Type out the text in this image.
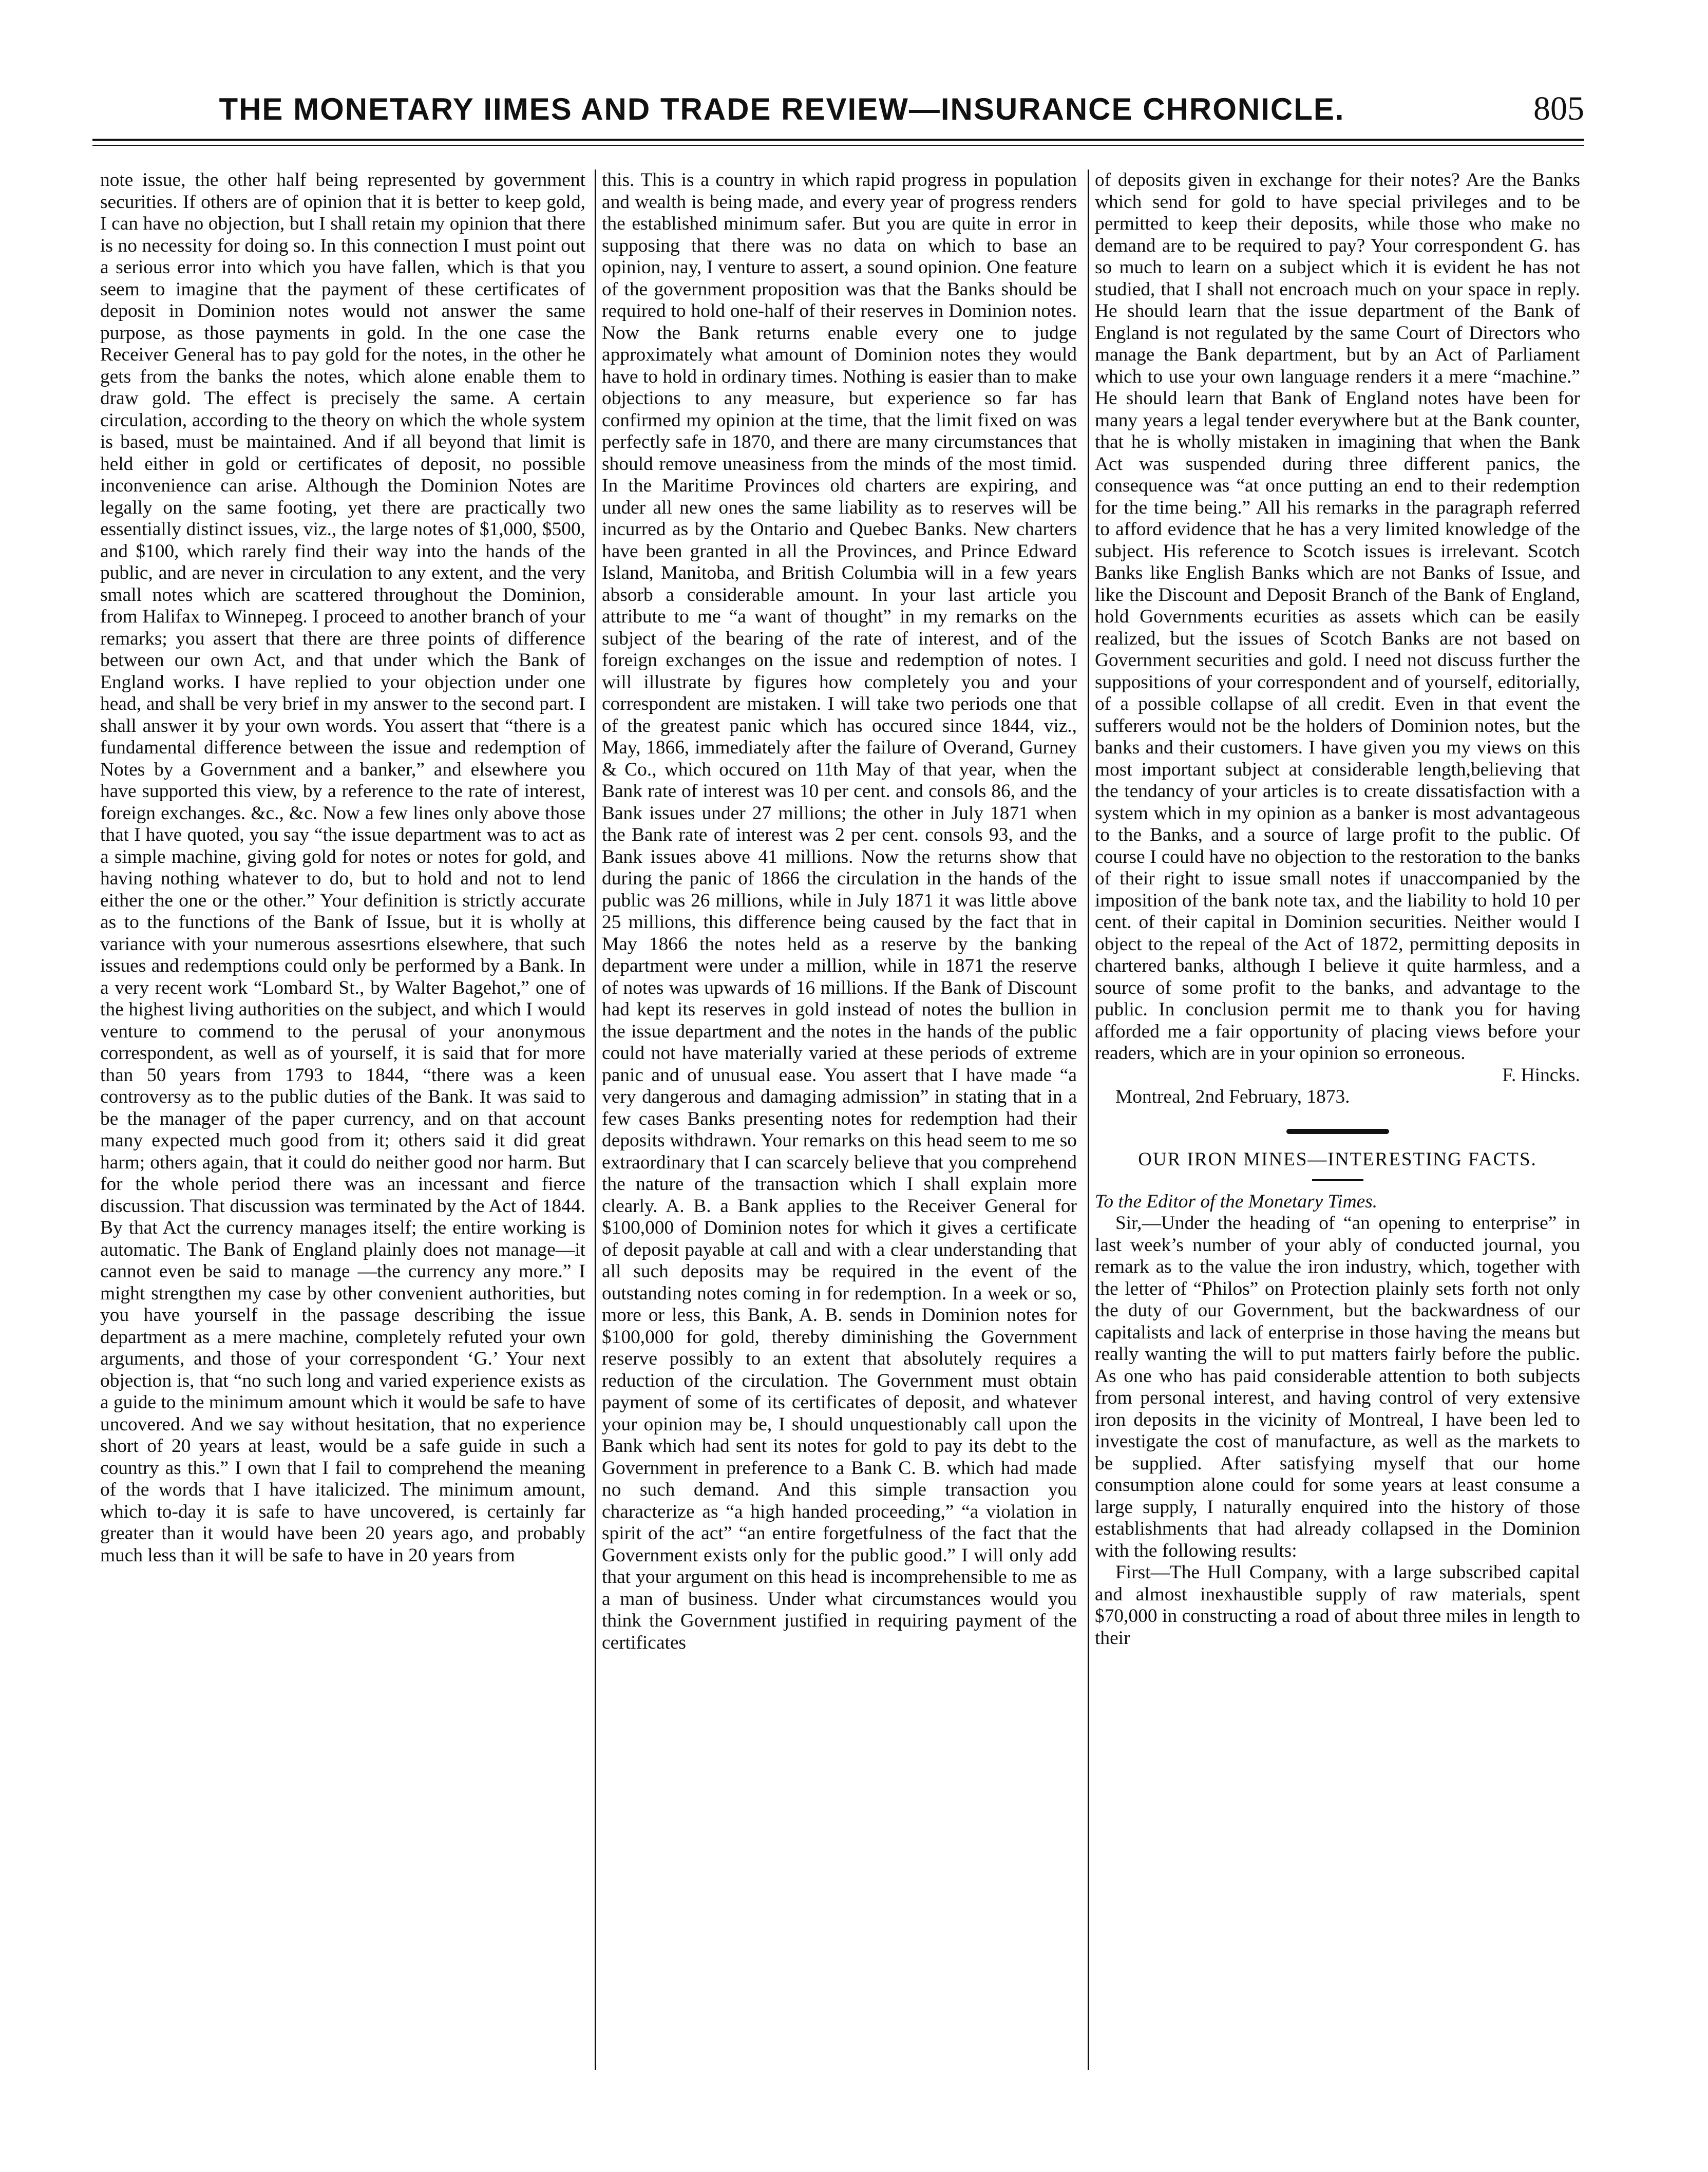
THE MONETARY IIMES AND TRADE REVIEW—INSURANCE CHRONICLE.	805

note issue, the other half being represented by government securities. If others are of opinion that it is better to keep gold, I can have no objection, but I shall retain my opinion that there is no necessity for doing so. In this connection I must point out a serious error into which you have fallen, which is that you seem to imagine that the payment of these certificates of deposit in Dominion notes would not answer the same purpose, as those payments in gold. In the one case the Receiver General has to pay gold for the notes, in the other he gets from the banks the notes, which alone enable them to draw gold. The effect is precisely the same. A certain circulation, according to the theory on which the whole system is based, must be maintained. And if all beyond that limit is held either in gold or certificates of deposit, no possible inconvenience can arise. Although the Dominion Notes are legally on the same footing, yet there are practically two essentially distinct issues, viz., the large notes of $1,000, $500, and $100, which rarely find their way into the hands of the public, and are never in circulation to any extent, and the very small notes which are scattered throughout the Dominion, from Halifax to Winnepeg. I proceed to another branch of your remarks; you assert that there are three points of difference between our own Act, and that under which the Bank of England works. I have replied to your objection under one head, and shall be very brief in my answer to the second part. I shall answer it by your own words. You assert that “there is a fundamental difference between the issue and redemption of Notes by a Government and a banker,” and elsewhere you have supported this view, by a reference to the rate of interest, foreign exchanges. &c., &c. Now a few lines only above those that I have quoted, you say “the issue department was to act as a simple machine, giving gold for notes or notes for gold, and having nothing whatever to do, but to hold and not to lend either the one or the other.” Your definition is strictly accurate as to the functions of the Bank of Issue, but it is wholly at variance with your numerous assesrtions elsewhere, that such issues and redemptions could only be performed by a Bank. In a very recent work “Lombard St., by Walter Bagehot,” one of the highest living authorities on the subject, and which I would venture to commend to the perusal of your anonymous correspondent, as well as of yourself, it is said that for more than 50 years from 1793 to 1844, “there was a keen controversy as to the public duties of the Bank. It was said to be the manager of the paper currency, and on that account many expected much good from it; others said it did great harm; others again, that it could do neither good nor harm. But for the whole period there was an incessant and fierce discussion. That discussion was terminated by the Act of 1844. By that Act the currency manages itself; the entire working is automatic. The Bank of England plainly does not manage—it cannot even be said to manage —the currency any more.” I might strengthen my case by other convenient authorities, but you have yourself in the passage describing the issue department as a mere machine, completely refuted your own arguments, and those of your correspondent ‘G.’ Your next objection is, that “no such long and varied experience exists as a guide to the minimum amount which it would be safe to have uncovered. And we say without hesitation, that no experience short of 20 years at least, would be a safe guide in such a country as this.” I own that I fail to comprehend the meaning of the words that I have italicized. The minimum amount, which to-day it is safe to have uncovered, is certainly far greater than it would have been 20 years ago, and probably much less than it will be safe to have in 20 years from

this. This is a country in which rapid progress in population and wealth is being made, and every year of progress renders the established minimum safer. But you are quite in error in supposing that there was no data on which to base an opinion, nay, I venture to assert, a sound opinion. One feature of the government proposition was that the Banks should be required to hold one-half of their reserves in Dominion notes. Now the Bank returns enable every one to judge approximately what amount of Dominion notes they would have to hold in ordinary times. Nothing is easier than to make objections to any measure, but experience so far has confirmed my opinion at the time, that the limit fixed on was perfectly safe in 1870, and there are many circumstances that should remove uneasiness from the minds of the most timid. In the Maritime Provinces old charters are expiring, and under all new ones the same liability as to reserves will be incurred as by the Ontario and Quebec Banks. New charters have been granted in all the Provinces, and Prince Edward Island, Manitoba, and British Columbia will in a few years absorb a considerable amount. In your last article you attribute to me “a want of thought” in my remarks on the subject of the bearing of the rate of interest, and of the foreign exchanges on the issue and redemption of notes. I will illustrate by figures how completely you and your correspondent are mistaken. I will take two periods one that of the greatest panic which has occured since 1844, viz., May, 1866, immediately after the failure of Overand, Gurney & Co., which occured on 11th May of that year, when the Bank rate of interest was 10 per cent. and consols 86, and the Bank issues under 27 millions; the other in July 1871 when the Bank rate of interest was 2 per cent. consols 93, and the Bank issues above 41 millions. Now the returns show that during the panic of 1866 the circulation in the hands of the public was 26 millions, while in July 1871 it was little above 25 millions, this difference being caused by the fact that in May 1866 the notes held as a reserve by the banking department were under a million, while in 1871 the reserve of notes was upwards of 16 millions. If the Bank of Discount had kept its reserves in gold instead of notes the bullion in the issue department and the notes in the hands of the public could not have materially varied at these periods of extreme panic and of unusual ease. You assert that I have made “a very dangerous and damaging admission” in stating that in a few cases Banks presenting notes for redemption had their deposits withdrawn. Your remarks on this head seem to me so extraordinary that I can scarcely believe that you comprehend the nature of the transaction which I shall explain more clearly. A. B. a Bank applies to the Receiver General for $100,000 of Dominion notes for which it gives a certificate of deposit payable at call and with a clear understanding that all such deposits may be required in the event of the outstanding notes coming in for redemption. In a week or so, more or less, this Bank, A. B. sends in Dominion notes for $100,000 for gold, thereby diminishing the Government reserve possibly to an extent that absolutely requires a reduction of the circulation. The Government must obtain payment of some of its certificates of deposit, and whatever your opinion may be, I should unquestionably call upon the Bank which had sent its notes for gold to pay its debt to the Government in preference to a Bank C. B. which had made no such demand. And this simple transaction you characterize as “a high handed proceeding,” “a violation in spirit of the act” “an entire forgetfulness of the fact that the Government exists only for the public good.” I will only add that your argument on this head is incomprehensible to me as a man of business. Under what circumstances would you think the Government justified in requiring payment of the certificates

of deposits given in exchange for their notes? Are the Banks which send for gold to have special privileges and to be permitted to keep their deposits, while those who make no demand are to be required to pay? Your correspondent G. has so much to learn on a subject which it is evident he has not studied, that I shall not encroach much on your space in reply. He should learn that the issue department of the Bank of England is not regulated by the same Court of Directors who manage the Bank department, but by an Act of Parliament which to use your own language renders it a mere “machine.” He should learn that Bank of England notes have been for many years a legal tender everywhere but at the Bank counter, that he is wholly mistaken in imagining that when the Bank Act was suspended during three different panics, the consequence was “at once putting an end to their redemption for the time being.” All his remarks in the paragraph referred to afford evidence that he has a very limited knowledge of the subject. His reference to Scotch issues is irrelevant. Scotch Banks like English Banks which are not Banks of Issue, and like the Discount and Deposit Branch of the Bank of England, hold Governments ecurities as assets which can be easily realized, but the issues of Scotch Banks are not based on Government securities and gold. I need not discuss further the suppositions of your correspondent and of yourself, editorially, of a possible collapse of all credit. Even in that event the sufferers would not be the holders of Dominion notes, but the banks and their customers. I have given you my views on this most important subject at considerable length,believing that the tendancy of your articles is to create dissatisfaction with a system which in my opinion as a banker is most advantageous to the Banks, and a source of large profit to the public. Of course I could have no objection to the restoration to the banks of their right to issue small notes if unaccompanied by the imposition of the bank note tax, and the liability to hold 10 per cent. of their capital in Dominion securities. Neither would I object to the repeal of the Act of 1872, permitting deposits in chartered banks, although I believe it quite harmless, and a source of some profit to the banks, and advantage to the public. In conclusion permit me to thank you for having afforded me a fair opportunity of placing views before your readers, which are in your opinion so erroneous.

F. Hincks.

Montreal, 2nd February, 1873.

OUR IRON MINES—INTERESTING FACTS.

To the Editor of the Monetary Times.

Sir,—Under the heading of “an opening to enterprise” in last week’s number of your ably of conducted journal, you remark as to the value the iron industry, which, together with the letter of “Philos” on Protection plainly sets forth not only the duty of our Government, but the backwardness of our capitalists and lack of enterprise in those having the means but really wanting the will to put matters fairly before the public. As one who has paid considerable attention to both subjects from personal interest, and having control of very extensive iron deposits in the vicinity of Montreal, I have been led to investigate the cost of manufacture, as well as the markets to be supplied. After satisfying myself that our home consumption alone could for some years at least consume a large supply, I naturally enquired into the history of those establishments that had already collapsed in the Dominion with the following results:

First—The Hull Company, with a large subscribed capital and almost inexhaustible supply of raw materials, spent $70,000 in constructing a road of about three miles in length to their
